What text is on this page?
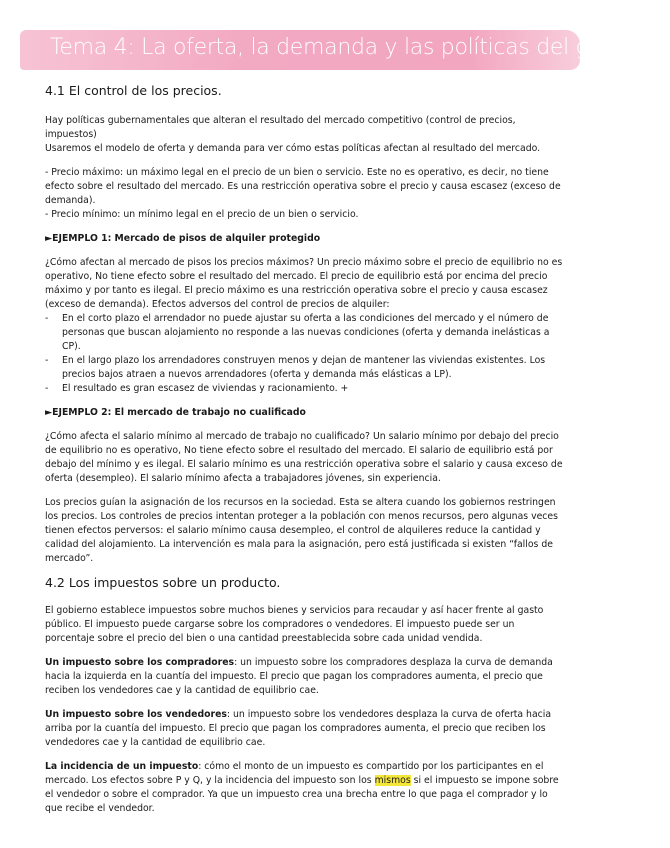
Tema 4: La oferta, la demanda y las políticas del gobierno
4.1 El control de los precios.

Hay políticas gubernamentales que alteran el resultado del mercado competitivo (control de precios, impuestos)

Usaremos el modelo de oferta y demanda para ver cómo estas políticas afectan al resultado del mercado.

- Precio máximo: un máximo legal en el precio de un bien o servicio. Este no es operativo, es decir, no tiene efecto sobre el resultado del mercado. Es una restricción operativa sobre el precio y causa escasez (exceso de demanda).

- Precio mínimo: un mínimo legal en el precio de un bien o servicio.

►EJEMPLO 1: Mercado de pisos de alquiler protegido

¿Cómo afectan al mercado de pisos los precios máximos? Un precio máximo sobre el precio de equilibrio no es operativo, No tiene efecto sobre el resultado del mercado. El precio de equilibrio está por encima del precio máximo y por tanto es ilegal. El precio máximo es una restricción operativa sobre el precio y causa escasez (exceso de demanda). Efectos adversos del control de precios de alquiler:

- En el corto plazo el arrendador no puede ajustar su oferta a las condiciones del mercado y el número de personas que buscan alojamiento no responde a las nuevas condiciones (oferta y demanda inelásticas a CP).
- En el largo plazo los arrendadores construyen menos y dejan de mantener las viviendas existentes. Los precios bajos atraen a nuevos arrendadores (oferta y demanda más elásticas a LP).
- El resultado es gran escasez de viviendas y racionamiento. +

►EJEMPLO 2: El mercado de trabajo no cualificado

¿Cómo afecta el salario mínimo al mercado de trabajo no cualificado? Un salario mínimo por debajo del precio de equilibrio no es operativo, No tiene efecto sobre el resultado del mercado. El salario de equilibrio está por debajo del mínimo y es ilegal. El salario mínimo es una restricción operativa sobre el salario y causa exceso de oferta (desempleo). El salario mínimo afecta a trabajadores jóvenes, sin experiencia.

Los precios guían la asignación de los recursos en la sociedad. Esta se altera cuando los gobiernos restringen los precios. Los controles de precios intentan proteger a la población con menos recursos, pero algunas veces tienen efectos perversos: el salario mínimo causa desempleo, el control de alquileres reduce la cantidad y calidad del alojamiento. La intervención es mala para la asignación, pero está justificada si existen “fallos de mercado”.

4.2 Los impuestos sobre un producto.

El gobierno establece impuestos sobre muchos bienes y servicios para recaudar y así hacer frente al gasto público. El impuesto puede cargarse sobre los compradores o vendedores. El impuesto puede ser un porcentaje sobre el precio del bien o una cantidad preestablecida sobre cada unidad vendida.

Un impuesto sobre los compradores: un impuesto sobre los compradores desplaza la curva de demanda hacia la izquierda en la cuantía del impuesto. El precio que pagan los compradores aumenta, el precio que reciben los vendedores cae y la cantidad de equilibrio cae.

Un impuesto sobre los vendedores: un impuesto sobre los vendedores desplaza la curva de oferta hacia arriba por la cuantía del impuesto. El precio que pagan los compradores aumenta, el precio que reciben los vendedores cae y la cantidad de equilibrio cae.

La incidencia de un impuesto: cómo el monto de un impuesto es compartido por los participantes en el mercado. Los efectos sobre P y Q, y la incidencia del impuesto son los mismos si el impuesto se impone sobre el vendedor o sobre el comprador. Ya que un impuesto crea una brecha entre lo que paga el comprador y lo que recibe el vendedor.
